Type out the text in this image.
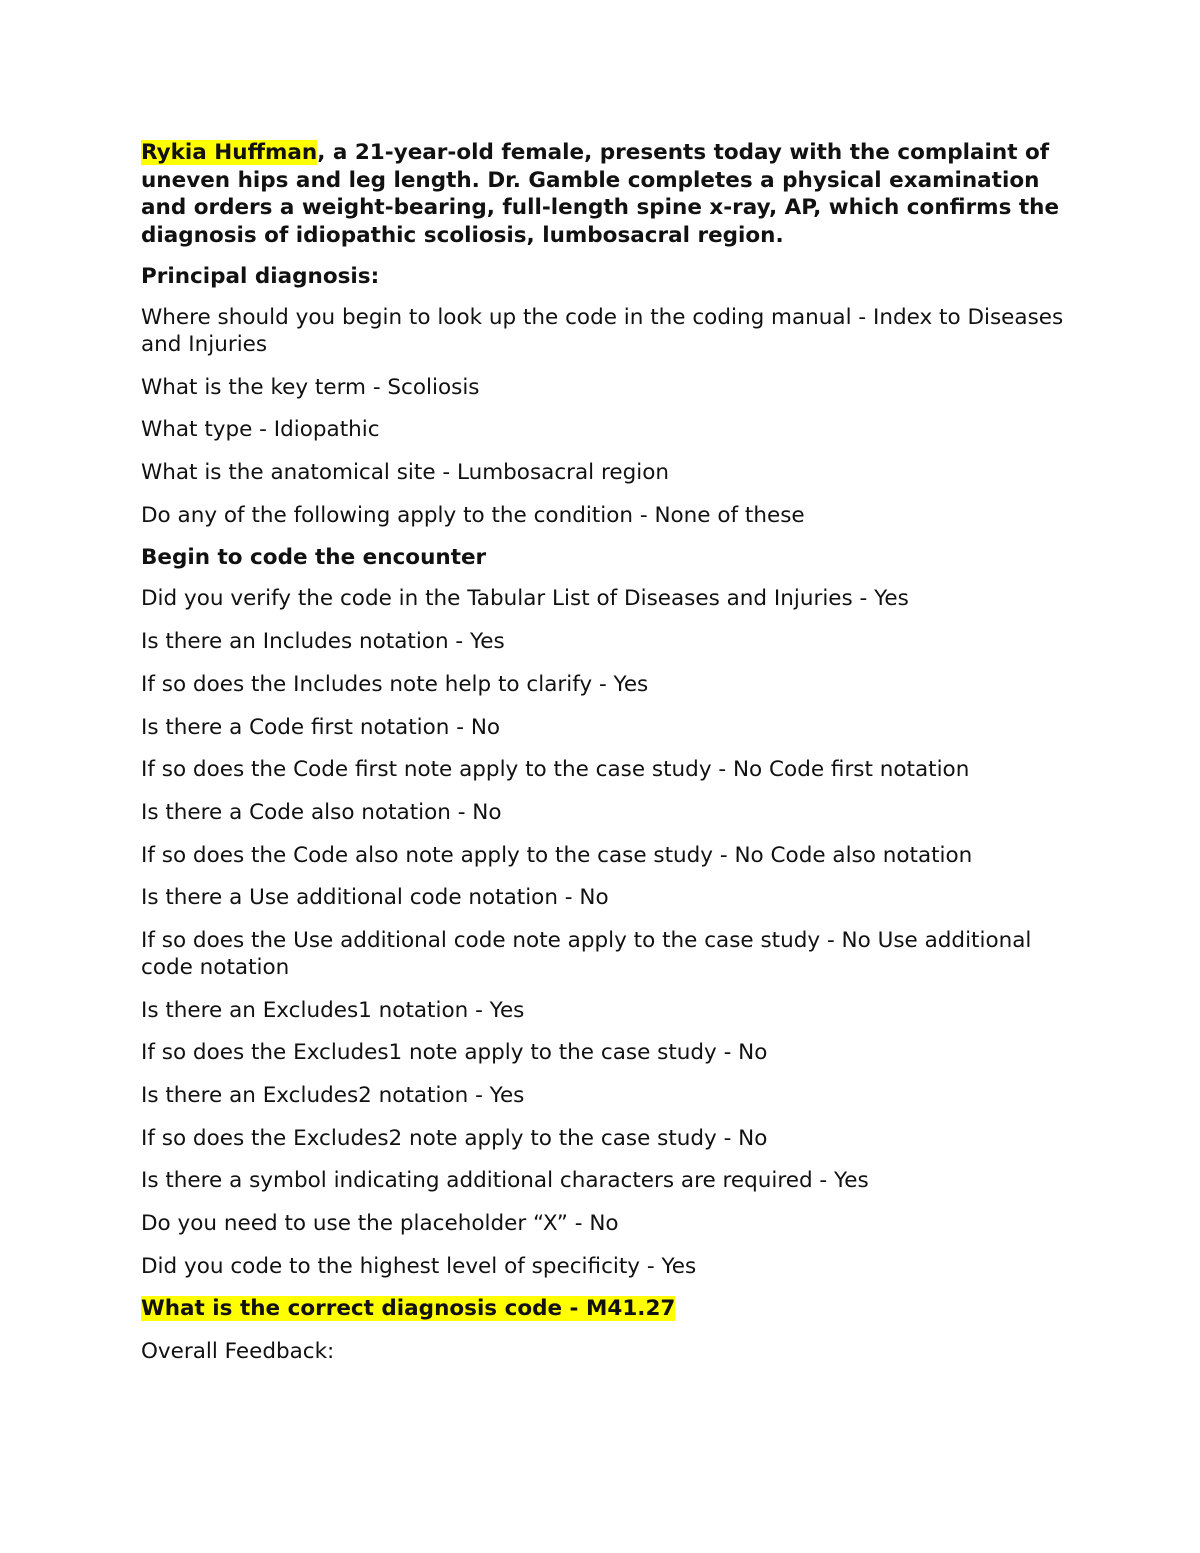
Rykia Huffman, a 21-year-old female, presents today with the complaint of uneven hips and leg length. Dr. Gamble completes a physical examination and orders a weight-bearing, full-length spine x-ray, AP, which confirms the diagnosis of idiopathic scoliosis, lumbosacral region.

Principal diagnosis:

Where should you begin to look up the code in the coding manual - Index to Diseases and Injuries

What is the key term - Scoliosis

What type - Idiopathic

What is the anatomical site - Lumbosacral region

Do any of the following apply to the condition - None of these

Begin to code the encounter

Did you verify the code in the Tabular List of Diseases and Injuries - Yes

Is there an Includes notation - Yes

If so does the Includes note help to clarify - Yes

Is there a Code first notation - No

If so does the Code first note apply to the case study - No Code first notation

Is there a Code also notation - No

If so does the Code also note apply to the case study - No Code also notation

Is there a Use additional code notation - No

If so does the Use additional code note apply to the case study - No Use additional code notation

Is there an Excludes1 notation - Yes

If so does the Excludes1 note apply to the case study - No

Is there an Excludes2 notation - Yes

If so does the Excludes2 note apply to the case study - No

Is there a symbol indicating additional characters are required - Yes

Do you need to use the placeholder “X” - No

Did you code to the highest level of specificity - Yes

What is the correct diagnosis code - M41.27

Overall Feedback:
